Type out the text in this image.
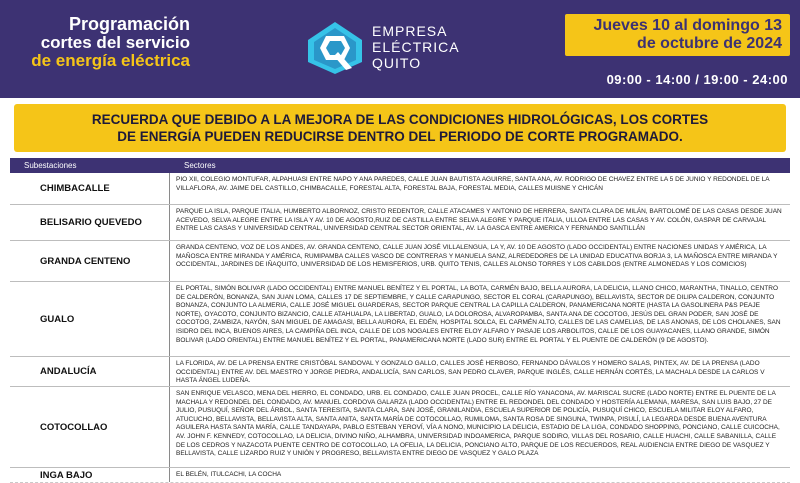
Programación
cortes del servicio
de energía eléctrica
EMPRESA
ELÉCTRICA
QUITO
Jueves 10 al domingo 13
de octubre de 2024
09:00 - 14:00 / 19:00 - 24:00
RECUERDA QUE DEBIDO A LA MEJORA DE LAS CONDICIONES HIDROLÓGICAS, LOS CORTES
DE ENERGÍA PUEDEN REDUCIRSE DENTRO DEL PERIODO DE CORTE PROGRAMADO.
Subestaciones	Sectores
CHIMBACALLE
PIO XII, COLEGIO MONTUFAR, ALPAHUASI ENTRE NAPO Y ANA PAREDES, CALLE JUAN BAUTISTA AGUIRRE, SANTA ANA, AV. RODRIGO DE CHAVEZ ENTRE LA 5 DE JUNIO Y REDONDEL DE LA VILLAFLORA, AV. JAIME DEL CASTILLO, CHIMBACALLE, FORESTAL ALTA, FORESTAL BAJA, FORESTAL MEDIA, CALLES MUISNE Y CHICÁN
BELISARIO QUEVEDO
PARQUE LA ISLA, PARQUE ITALIA, HUMBERTO ALBORNOZ, CRISTO REDENTOR, CALLE ATACAMES Y ANTONIO DE HERRERA, SANTA CLARA DE MILÁN, BARTOLOMÉ DE LAS CASAS DESDE JUAN ACEVEDO, SELVA ALEGRE ENTRE LA ISLA Y AV. 10 DE AGOSTO,RUIZ DE CASTILLA ENTRE SELVA ALEGRE Y PARQUE ITALIA, ULLOA ENTRE LAS CASAS Y AV. COLÓN, GASPAR DE CARVAJAL ENTRE LAS CASAS Y UNIVERSIDAD CENTRAL, UNIVERSIDAD CENTRAL SECTOR ORIENTAL, AV. LA GASCA ENTRE AMERICA Y FERNANDO SANTILLÁN
GRANDA CENTENO
GRANDA CENTENO, VOZ DE LOS ANDES, AV. GRANDA CENTENO, CALLE JUAN JOSÉ VILLALENGUA, LA Y, AV. 10 DE AGOSTO (LADO OCCIDENTAL) ENTRE NACIONES UNIDAS Y AMÉRICA, LA MAÑOSCA ENTRE MIRANDA Y AMÉRICA, RUMIPAMBA CALLES VASCO DE CONTRERAS Y MANUELA SANZ, ALREDEDORES DE LA UNIDAD EDUCATIVA BORJA 3, LA MAÑOSCA ENTRE MIRANDA Y OCCIDENTAL, JARDINES DE IÑAQUITO, UNIVERSIDAD DE LOS HEMISFERIOS, URB. QUITO TENIS, CALLES ALONSO TORRES Y LOS CABILDOS (ENTRE ALMONEDAS Y LOS COMICIOS)
GUALO
EL PORTAL, SIMÓN BOLIVAR (LADO OCCIDENTAL) ENTRE MANUEL BENÍTEZ Y EL PORTAL, LA BOTA, CARMÉN BAJO, BELLA AURORA, LA DELICIA, LLANO CHICO, MARANTHA, TINALLO, CENTRO DE CALDERÓN, BONANZA, SAN JUAN LOMA, CALLES 17 DE SEPTIEMBRE, Y CALLE CARAPUNGO, SECTOR EL CORAL (CARAPUNGO), BELLAVISTA, SECTOR DE DILIPA CALDERON, CONJUNTO BONANZA, CONJUNTO LA ALMERIA, CALLE JOSÉ MIGUEL GUARDERAS, SECTOR PARQUE CENTRAL LA CAPILLA CALDERON, PANAMERICANA NORTE (HASTA LA GASOLINERA P&S PEAJE NORTE), OYACOTO, CONJUNTO BIZANCIO, CALLE ATAHUALPA, LA LIBERTAD, GUALO, LA DOLOROSA, ALVAROPAMBA, SANTA ANA DE COCOTOG, JESÚS DEL GRAN PODER, SAN JOSÉ DE COCOTOG, ZAMBIZA, NAYÓN, SAN MIGUEL DE AMAGASI, BELLA AURORA, EL EDÉN, HOSPITAL SOLCA, EL CARMÉN ALTO, CALLES DE LAS CAMELIAS, DE LAS ANONAS, DE LOS CHOLANES, SAN ISIDRO DEL INCA, BUENOS AIRES, LA CAMPIÑA DEL INCA, CALLE DE LOS NOGALES ENTRE ELOY ALFARO Y PASAJE LOS ARBOLITOS, CALLE DE LOS GUAYACANES, LLANO GRANDE, SIMÓN BOLIVAR (LADO ORIENTAL) ENTRE MANUEL BENÍTEZ Y EL PORTAL, PANAMERICANA NORTE (LADO SUR) ENTRE EL PORTAL Y EL PUENTE DE CALDERÓN (9 DE AGOSTO).
ANDALUCÍA
LA FLORIDA, AV. DE LA PRENSA ENTRE CRISTÓBAL SANDOVAL Y GONZALO GALLO, CALLES JOSÉ HERBOSO, FERNANDO DÁVALOS Y HOMERO SALAS, PINTEX, AV. DE LA PRENSA (LADO OCCIDENTAL) ENTRE AV. DEL MAESTRO Y JORGE PIEDRA, ANDALUCÍA, SAN CARLOS, SAN PEDRO CLAVER, PARQUE INGLÉS, CALLE HERNÁN CORTÉS, LA MACHALA DESDE LA CARLOS V HASTA ÁNGEL LUDEÑA.
COTOCOLLAO
SAN ENRIQUE VELASCO, MENA DEL HIERRO, EL CONDADO, URB. EL CONDADO, CALLE JUAN PROCEL, CALLE RÍO YANACONA, AV. MARISCAL SUCRE (LADO NORTE) ENTRE EL PUENTE DE LA MACHALA Y REDONDEL DEL CONDADO, AV. MANUEL CORDOVA GALARZA (LADO OCCIDENTAL) ENTRE EL REDONDEL DEL CONDADO Y HOSTERÍA ALEMANA, MARESA, SAN LUIS BAJO, 27 DE JULIO, PUSUQUÍ, SEÑOR DEL ÁRBOL, SANTA TERESITA, SANTA CLARA, SAN JOSÉ, GRANILANDIA, ESCUELA SUPERIOR DE POLICÍA, PUSUQUÍ CHICO, ESCUELA MILITAR ELOY ALFARO, ATUCUCHO, BELLAVISTA, BELLAVISTA ALTA, SANTA ANITA, SANTA MARÍA DE COTOCOLLAO, RUMILOMA, SANTA ROSA DE SINGUNA, TWINPA, PISULÍ, LA LEGARDA DESDE BUENA AVENTURA AGUILERA HASTA SANTA MARÍA, CALLE TANDAYAPA, PABLO ESTEBAN YEROVÍ, VÍA A NONO, MUNICIPIO LA DELICIA, ESTADIO DE LA LIGA, CONDADO SHOPPING, PONCIANO, CALLE CUICOCHA, AV. JOHN F. KENNEDY, COTOCOLLAO, LA DELICIA, DIVINO NIÑO, ALHAMBRA, UNIVERSIDAD INDOAMERICA, PARQUE SODIRO, VILLAS DEL ROSARIO, CALLE HUACHI, CALLE SABANILLA, CALLE DE LOS CEDROS Y NAZACOTA PUENTE CENTRO DE COTOCOLLAO, LA OFELIA, LA DELICIA, PONCIANO ALTO, PARQUE DE LOS RECUERDOS, REAL AUDIENCIA ENTRE DIEGO DE VASQUEZ Y BELLAVISTA, CALLE LIZARDO RUIZ Y UNIÓN Y PROGRESO, BELLAVISTA ENTRE DIEGO DE VASQUEZ Y GALO PLAZA
INGA BAJO	EL BELÉN, ITULCACHI, LA COCHA
